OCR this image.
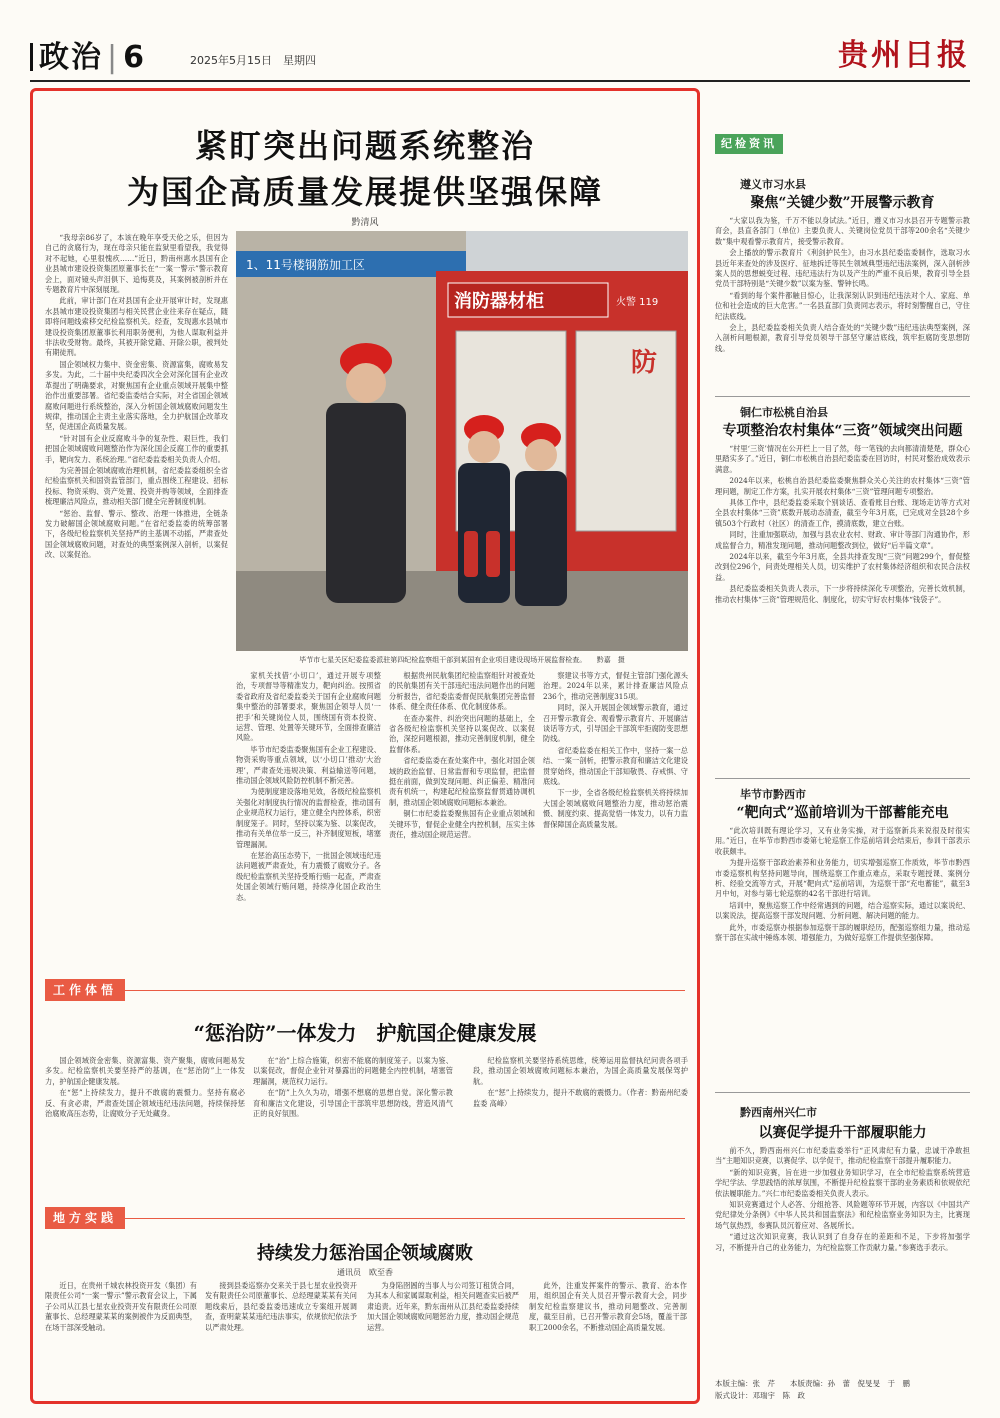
政治 | 6	2025年5月15日　星期四	贵州日报
紧盯突出问题系统整治
为国企高质量发展提供坚强保障
黔清风

“我母亲86岁了，本该在晚年享受天伦之乐，但因为自己的贪腐行为，现在母亲只能在监狱里看望我，我觉得对不起她，心里很愧疚……”近日，黔南州惠水县国有企业县城市建设投资集团原董事长在“一案一警示”警示教育会上，面对镜头声泪俱下、追悔莫及，其案例被剖析并在专题教育片中深刻展现。

此前，审计部门在对县国有企业开展审计时，发现惠水县城市建设投资集团与相关民营企业往来存在疑点，随即将问题线索移交纪检监察机关。经查，发现惠水县城市建设投资集团原董事长利用职务便利，为他人谋取利益并非法收受财物。最终，其被开除党籍、开除公职，被判处有期徒刑。

国企领域权力集中、资金密集、资源富集，腐败易发多发。为此，二十届中央纪委四次全会对深化国有企业改革提出了明确要求，对聚焦国有企业重点领域开展集中整治作出重要部署。省纪委监委结合实际，对全省国企领域腐败问题进行系统整治，深入分析国企领域腐败问题发生规律，推动国企主责主业落实落地，全力护航国企改革攻坚，促进国企高质量发展。

“针对国有企业反腐败斗争的复杂性、艰巨性，我们把国企领域腐败问题整治作为深化国企反腐工作的重要抓手，靶向发力、系统治理。”省纪委监委相关负责人介绍。

为完善国企领域腐败治理机制，省纪委监委组织全省纪检监察机关和国资监管部门，重点围绕工程建设、招标投标、物资采购、资产处置、投资并购等领域，全面排查梳理廉洁风险点，推动相关部门健全完善制度机制。

“惩治、监督、警示、整改、治理一体推进，全链条发力破解国企领域腐败问题。”在省纪委监委的统筹部署下，各级纪检监察机关坚持严的主基调不动摇，严肃查处国企领域腐败问题，对查处的典型案例深入剖析，以案促改、以案促治。

1、11号楼钢筋加工区
消防器材柜	火警 119
防
毕节市七星关区纪委监委派驻第四纪检监察组干部到某国有企业项目建设现场开展监督检查。　　黔嘉　摄

家机关找借‘小切口’，通过开展专项整治，专项督导等精准发力，靶向纠治。按照省委省政府及省纪委监委关于国有企业腐败问题集中整治的部署要求，聚焦国企领导人员‘一把手’和关键岗位人员，围绕国有资本投资、运营、管理、处置等关键环节，全面排查廉洁风险。

毕节市纪委监委聚焦国有企业工程建设、物资采购等重点领域，以‘小切口’推动‘大治理’，严肃查处违规决策、利益输送等问题，推动国企领域风险防控机制不断完善。

为使制度建设落地见效，各级纪检监察机关强化对制度执行情况的监督检查，推动国有企业规范权力运行，建立健全内控体系，织密制度笼子。同时，坚持以案为鉴、以案促改，推动有关单位举一反三，补齐制度短板，堵塞管理漏洞。

在惩治高压态势下，一批国企领域违纪违法问题被严肃查处，有力震慑了腐败分子。各级纪检监察机关坚持受贿行贿一起查，严肃查处国企领域行贿问题，持续净化国企政治生态。

根据贵州民航集团纪检监察组针对被查处的民航集团有关干部违纪违法问题作出的问题分析报告，省纪委监委督促民航集团完善监督体系、健全责任体系、优化制度体系。

在查办案件、纠治突出问题的基础上，全省各级纪检监察机关坚持以案促改、以案促治，深挖问题根源，推动完善制度机制，健全监督体系。

省纪委监委在查处案件中，强化对国企领域的政治监督、日常监督和专项监督，把监督挺在前面，做到发现问题、纠正偏差、精准问责有机统一，构建起纪检监察监督贯通协调机制，推动国企领域腐败问题标本兼治。

铜仁市纪委监委聚焦国有企业重点领域和关键环节，督促企业健全内控机制，压实主体责任，推动国企规范运营。

察建议书等方式，督促主管部门强化源头治理。2024年以来，累计排查廉洁风险点236个，推动完善制度315项。

同时，深入开展国企领域警示教育，通过召开警示教育会、观看警示教育片、开展廉洁谈话等方式，引导国企干部筑牢拒腐防变思想防线。

省纪委监委在相关工作中，坚持一案一总结、一案一剖析，把警示教育和廉洁文化建设贯穿始终，推动国企干部知敬畏、存戒惧、守底线。

下一步，全省各级纪检监察机关将持续加大国企领域腐败问题整治力度，推动惩治震慑、制度约束、提高觉悟一体发力，以有力监督保障国企高质量发展。

工作体悟
“惩治防”一体发力　护航国企健康发展

国企领域资金密集、资源富集、资产聚集，腐败问题易发多发。纪检监察机关要坚持严的基调，在“惩治防”上一体发力，护航国企健康发展。

在“惩”上持续发力，提升不敢腐的震慑力。坚持有腐必反、有贪必肃，严肃查处国企领域违纪违法问题，持续保持惩治腐败高压态势，让腐败分子无处藏身。

在“治”上综合施策，织密不能腐的制度笼子。以案为鉴、以案促改，督促企业针对暴露出的问题健全内控机制，堵塞管理漏洞，规范权力运行。

在“防”上久久为功，增强不想腐的思想自觉。深化警示教育和廉洁文化建设，引导国企干部筑牢思想防线，营造风清气正的良好氛围。

纪检监察机关要坚持系统思维，统筹运用监督执纪问责各项手段，推动国企领域腐败问题标本兼治，为国企高质量发展保驾护航。

在“惩”上持续发力，提升不敢腐的震慑力。（作者：黔南州纪委监委 高峰）

地方实践
持续发力惩治国企领域腐败
通讯员　欧至香

近日，在贵州千城农林投资开发（集团）有限责任公司“一案一警示”警示教育会议上，下属子公司从江县七星农业投资开发有限责任公司原董事长、总经理蒙某某的案例被作为反面典型，在场干部深受触动。

接到县委巡察办交来关于县七星农业投资开发有限责任公司原董事长、总经理蒙某某有关问题线索后，县纪委监委迅速成立专案组开展调查，查明蒙某某违纪违法事实，依规依纪依法予以严肃处理。

为身陷囹圄的当事人与公司签订租赁合同，为其本人和家属谋取利益，相关问题查实后被严肃追责。近年来，黔东南州从江县纪委监委持续加大国企领域腐败问题惩治力度，推动国企规范运营。

此外，注重发挥案件的警示、教育、治本作用，组织国企有关人员召开警示教育大会，同步制发纪检监察建议书，推动问题整改、完善制度，截至目前，已召开警示教育会5场，覆盖干部职工2000余名，不断推动国企高质量发展。

纪检资讯
遵义市习水县
聚焦“关键少数”开展警示教育

“大家以我为鉴，千万不能以身试法。”近日，遵义市习水县召开专题警示教育会，县直各部门（单位）主要负责人、关键岗位党员干部等200余名“关键少数”集中观看警示教育片，接受警示教育。

会上播放的警示教育片《利剑护民生》，由习水县纪委监委制作，选取习水县近年来查处的涉及医疗、征地拆迁等民生领域典型违纪违法案例，深入剖析涉案人员的思想蜕变过程、违纪违法行为以及产生的严重不良后果，教育引导全县党员干部特别是“关键少数”以案为鉴、警钟长鸣。

“看到的每个案件都触目惊心，让我深刻认识到违纪违法对个人、家庭、单位和社会造成的巨大危害。”一名县直部门负责同志表示，将时刻警醒自己，守住纪法底线。

会上，县纪委监委相关负责人结合查处的“关键少数”违纪违法典型案例，深入剖析问题根源，教育引导党员领导干部坚守廉洁底线，筑牢拒腐防变思想防线。

铜仁市松桃自治县
专项整治农村集体“三资”领域突出问题

“村里‘三资’情况在公开栏上一目了然，每一笔钱的去向都清清楚楚，群众心里踏实多了。”近日，铜仁市松桃自治县纪委监委在回访时，村民对整治成效表示满意。

2024年以来，松桃自治县纪委监委聚焦群众关心关注的农村集体“三资”管理问题，制定工作方案，扎实开展农村集体“三资”管理问题专项整治。

具体工作中，县纪委监委采取个别谈话、查看账目台账、现场走访等方式对全县农村集体“三资”底数开展动态清查，截至今年3月底，已完成对全县28个乡镇503个行政村（社区）的清查工作，摸清底数，建立台账。

同时，注重加强联动，加强与县农业农村、财政、审计等部门沟通协作，形成监督合力，精准发现问题，推动问题整改到位，做好“后半篇文章”。

2024年以来，截至今年3月底，全县共排查发现“三资”问题299个，督促整改到位296个，问责处理相关人员，切实维护了农村集体经济组织和农民合法权益。

县纪委监委相关负责人表示，下一步将持续深化专项整治，完善长效机制，推动农村集体“三资”管理规范化、制度化，切实守好农村集体“钱袋子”。

毕节市黔西市
“靶向式”巡前培训为干部蓄能充电

“此次培训既有理论学习，又有业务实操，对于巡察新兵来说很及时很实用。”近日，在毕节市黔西市委第七轮巡察工作巡前培训会结束后，参训干部表示收获颇丰。

为提升巡察干部政治素养和业务能力，切实增强巡察工作质效，毕节市黔西市委巡察机构坚持问题导向，围绕巡察工作重点难点，采取专题授课、案例分析、经验交流等方式，开展“靶向式”巡前培训，为巡察干部“充电蓄能”，截至3月中旬，对参与第七轮巡察的42名干部进行培训。

培训中，聚焦巡察工作中经常遇到的问题，结合巡察实际，通过以案说纪、以案说法，提高巡察干部发现问题、分析问题、解决问题的能力。

此外，市委巡察办根据参加巡察干部的履职经历，配强巡察组力量，推动巡察干部在实战中锤炼本领、增强能力，为做好巡察工作提供坚强保障。

黔西南州兴仁市
以赛促学提升干部履职能力

前不久，黔西南州兴仁市纪委监委举行“正风肃纪有力量，忠诚干净敢担当”主题知识竞赛，以赛促学、以学促干，推动纪检监察干部提升履职能力。

“新的知识竞赛，旨在进一步加强业务知识学习，在全市纪检监察系统营造学纪学法、学思践悟的浓厚氛围，不断提升纪检监察干部的业务素质和依规依纪依法履职能力。”兴仁市纪委监委相关负责人表示。

知识竞赛通过个人必答、分组抢答、风险题等环节开展，内容以《中国共产党纪律处分条例》《中华人民共和国监察法》和纪检监察业务知识为主，比赛现场气氛热烈，参赛队员沉着应对、各展所长。

“通过这次知识竞赛，我认识到了自身存在的差距和不足，下步将加强学习，不断提升自己的业务能力，为纪检监察工作贡献力量。”参赛选手表示。

本版主编：张　芹　　本版责编：孙　蕾　倪旻旻　于　鹏
版式设计：邓瑞宇　陈　政
